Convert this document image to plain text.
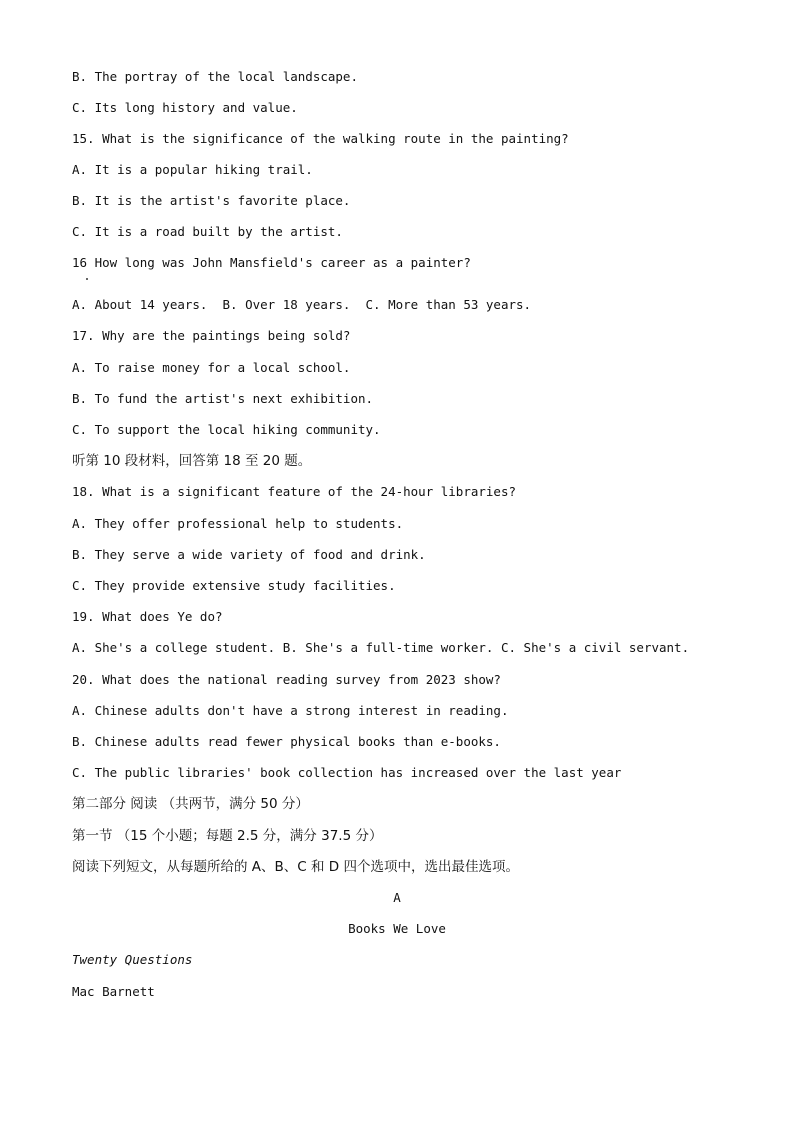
B. The portray of the local landscape.
C. Its long history and value.
15. What is the significance of the walking route in the painting?
A. It is a popular hiking trail.
B. It is the artist's favorite place.
C. It is a road built by the artist.
16 How long was John Mansfield's career as a painter?
A. About 14 years.  B. Over 18 years.  C. More than 53 years.
17. Why are the paintings being sold?
A. To raise money for a local school.
B. To fund the artist's next exhibition.
C. To support the local hiking community.
听第 10 段材料，回答第 18 至 20 题。
18. What is a significant feature of the 24-hour libraries?
A. They offer professional help to students.
B. They serve a wide variety of food and drink.
C. They provide extensive study facilities.
19. What does Ye do?
A. She's a college student. B. She's a full-time worker. C. She's a civil servant.
20. What does the national reading survey from 2023 show?
A. Chinese adults don't have a strong interest in reading.
B. Chinese adults read fewer physical books than e-books.
C. The public libraries' book collection has increased over the last year
第二部分 阅读 （共两节，满分 50 分）
第一节 （15 个小题；每题 2.5 分，满分 37.5 分）
阅读下列短文，从每题所给的 A、B、C 和 D 四个选项中，选出最佳选项。
A
Books We Love
Twenty Questions
Mac Barnett
